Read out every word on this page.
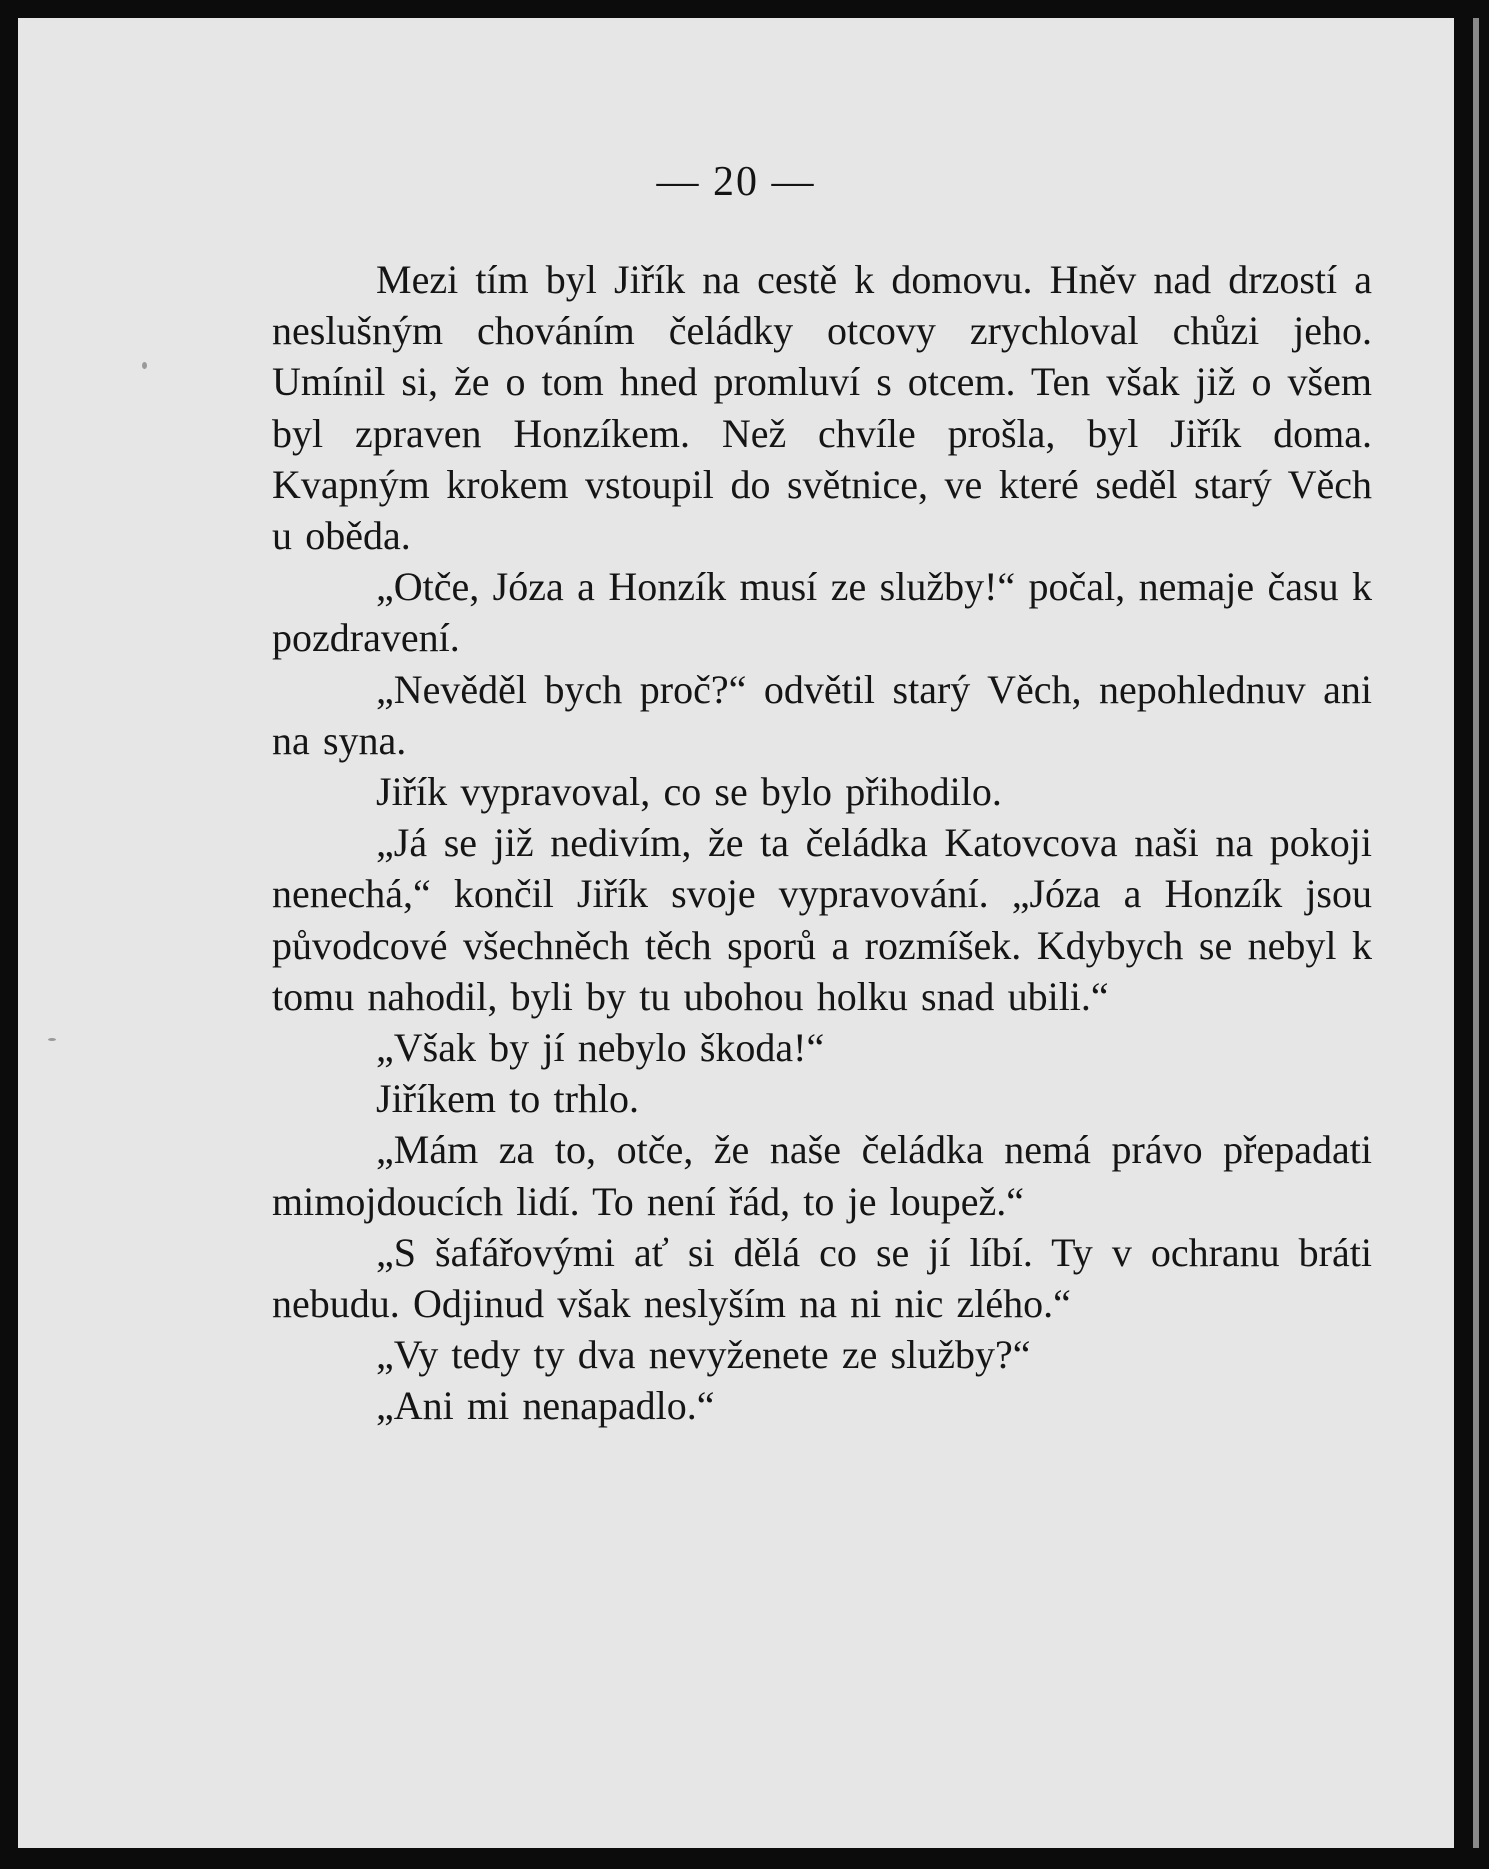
— 20 —

Mezi tím byl Jiřík na cestě k domovu. Hněv nad drzostí a neslušným chováním čeládky otcovy zrychloval chůzi jeho. Umínil si, že o tom hned promluví s otcem. Ten však již o všem byl zpraven Honzíkem. Než chvíle prošla, byl Jiřík doma. Kvapným krokem vstoupil do světnice, ve které seděl starý Věch u oběda.

„Otče, Józa a Honzík musí ze služby!“ počal, nemaje času k pozdravení.

„Nevěděl bych proč?“ odvětil starý Věch, nepohlednuv ani na syna.

Jiřík vypravoval, co se bylo přihodilo.

„Já se již nedivím, že ta čeládka Katovcova naši na pokoji nenechá,“ končil Jiřík svoje vypravování. „Józa a Honzík jsou původcové všechněch těch sporů a rozmíšek. Kdybych se nebyl k tomu nahodil, byli by tu ubohou holku snad ubili.“

„Však by jí nebylo škoda!“

Jiříkem to trhlo.

„Mám za to, otče, že naše čeládka nemá právo přepadati mimojdoucích lidí. To není řád, to je loupež.“

„S šafářovými ať si dělá co se jí líbí. Ty v ochranu bráti nebudu. Odjinud však neslyším na ni nic zlého.“

„Vy tedy ty dva nevyženete ze služby?“

„Ani mi nenapadlo.“
